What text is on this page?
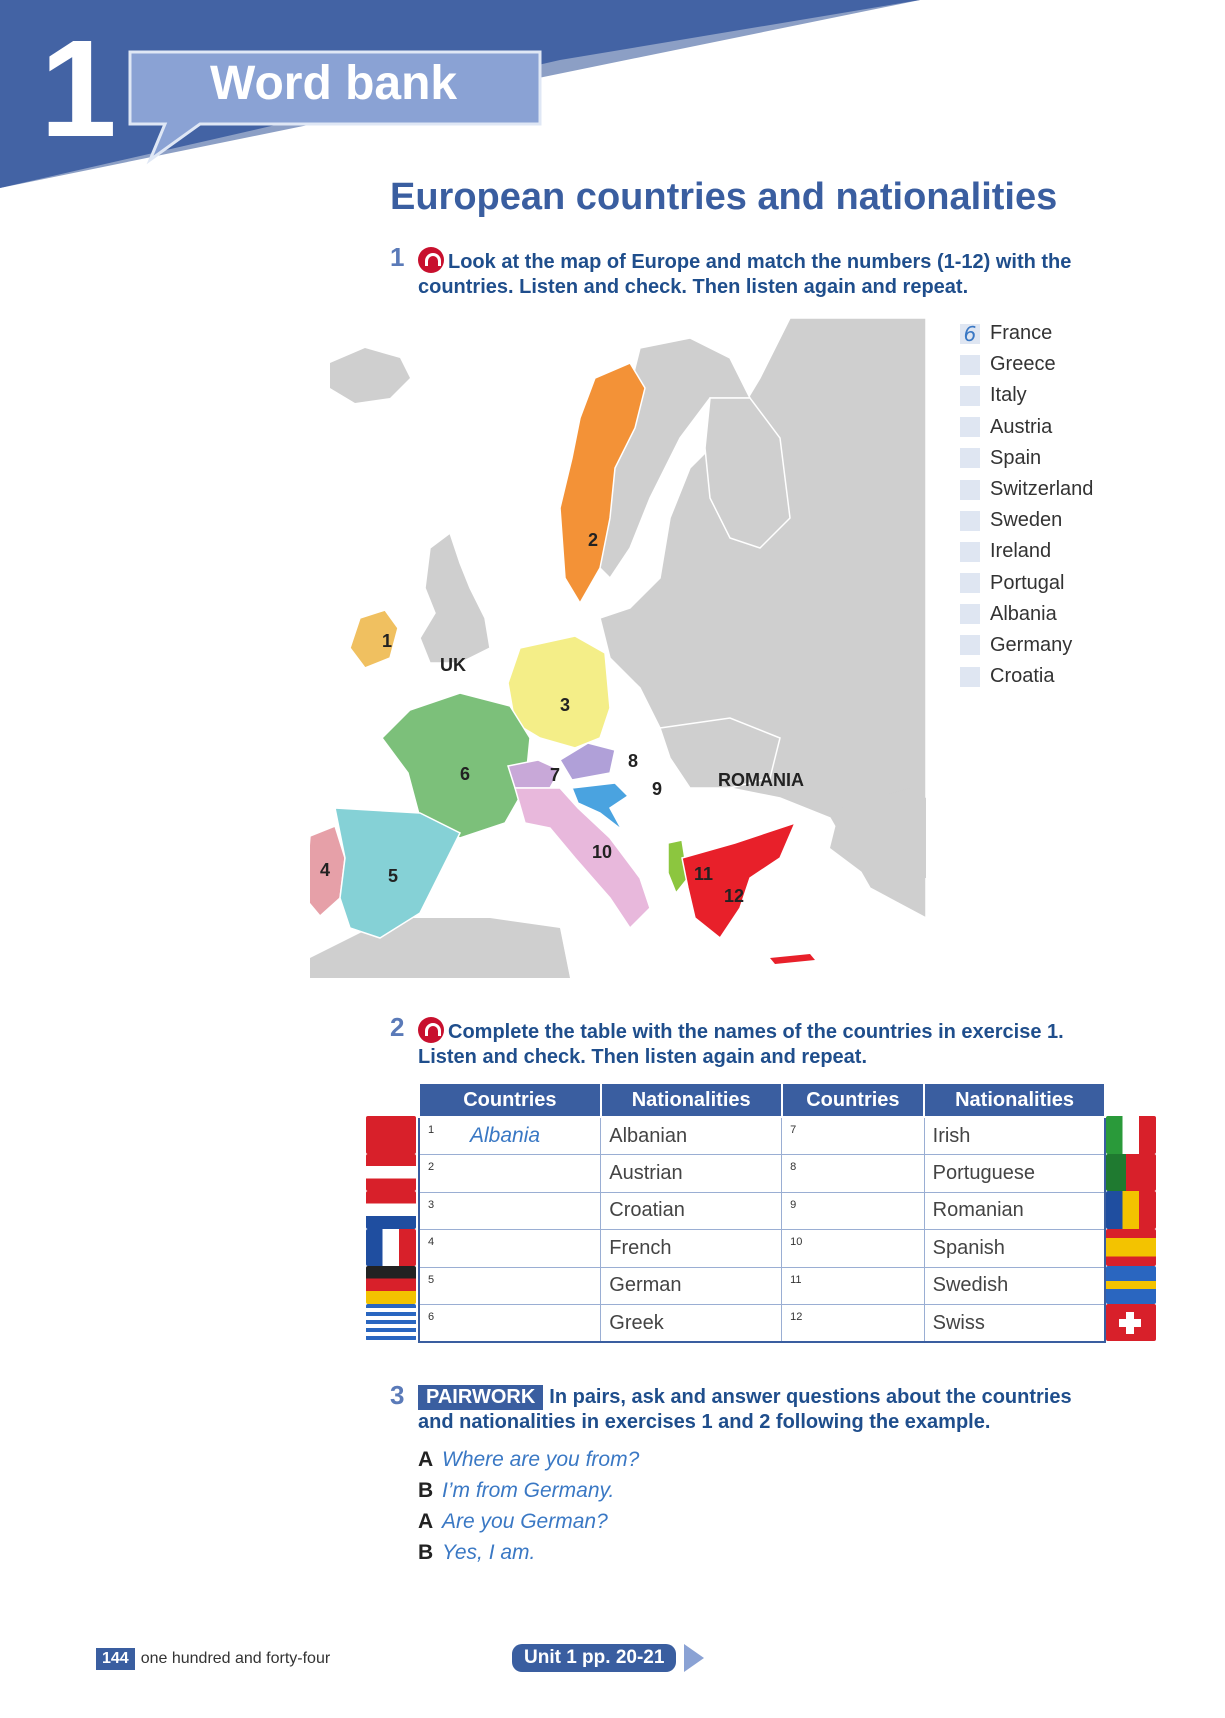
1 Word bank
European countries and nationalities
1	Look at the map of Europe and match the numbers (1-12) with the countries. Listen and check. Then listen again and repeat.
1
2
3
4	5
6	7
8
9
10
11
12
UK
ROMANIA
6 France
Greece
Italy
Austria
Spain
Switzerland
Sweden
Ireland
Portugal
Albania
Germany
Croatia
2	Complete the table with the names of the countries in exercise 1. Listen and check. Then listen again and repeat.
Countries	Nationalities	Countries	Nationalities

1 Albania	Albanian	7	Irish

2	Austrian	8	Portuguese

3	Croatian	9	Romanian

4	French	10	Spanish

5	German	11	Swedish

6	Greek	12	Swiss
3	PAIRWORK In pairs, ask and answer questions about the countries and nationalities in exercises 1 and 2 following the example.
A Where are you from?
B I’m from Germany.
A Are you German?
B Yes, I am.
144 one hundred and forty-four	Unit 1 pp. 20-21
